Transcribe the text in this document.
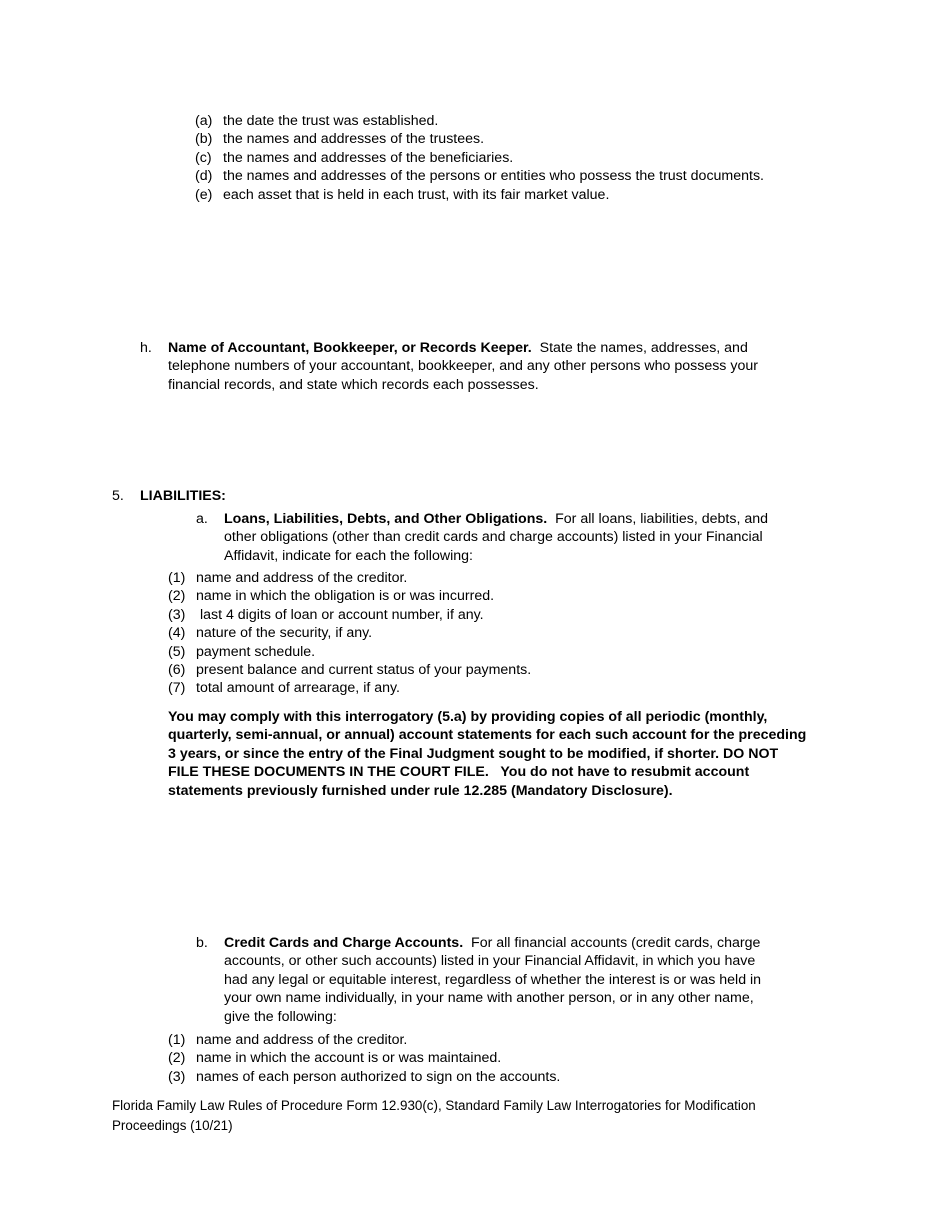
(a) the date the trust was established.
(b) the names and addresses of the trustees.
(c) the names and addresses of the beneficiaries.
(d) the names and addresses of the persons or entities who possess the trust documents.
(e) each asset that is held in each trust, with its fair market value.
h. Name of Accountant, Bookkeeper, or Records Keeper. State the names, addresses, and
telephone numbers of your accountant, bookkeeper, and any other persons who possess your
financial records, and state which records each possesses.
5. LIABILITIES:
a. Loans, Liabilities, Debts, and Other Obligations. For all loans, liabilities, debts, and
other obligations (other than credit cards and charge accounts) listed in your Financial
Affidavit, indicate for each the following:
(1) name and address of the creditor.
(2) name in which the obligation is or was incurred.
(3) last 4 digits of loan or account number, if any.
(4) nature of the security, if any.
(5) payment schedule.
(6) present balance and current status of your payments.
(7) total amount of arrearage, if any.
You may comply with this interrogatory (5.a) by providing copies of all periodic (monthly,
quarterly, semi-annual, or annual) account statements for each such account for the preceding
3 years, or since the entry of the Final Judgment sought to be modified, if shorter. DO NOT
FILE THESE DOCUMENTS IN THE COURT FILE.   You do not have to resubmit account
statements previously furnished under rule 12.285 (Mandatory Disclosure).
b. Credit Cards and Charge Accounts. For all financial accounts (credit cards, charge
accounts, or other such accounts) listed in your Financial Affidavit, in which you have
had any legal or equitable interest, regardless of whether the interest is or was held in
your own name individually, in your name with another person, or in any other name,
give the following:
(1) name and address of the creditor.
(2) name in which the account is or was maintained.
(3) names of each person authorized to sign on the accounts.
Florida Family Law Rules of Procedure Form 12.930(c), Standard Family Law Interrogatories for Modification
Proceedings (10/21)
